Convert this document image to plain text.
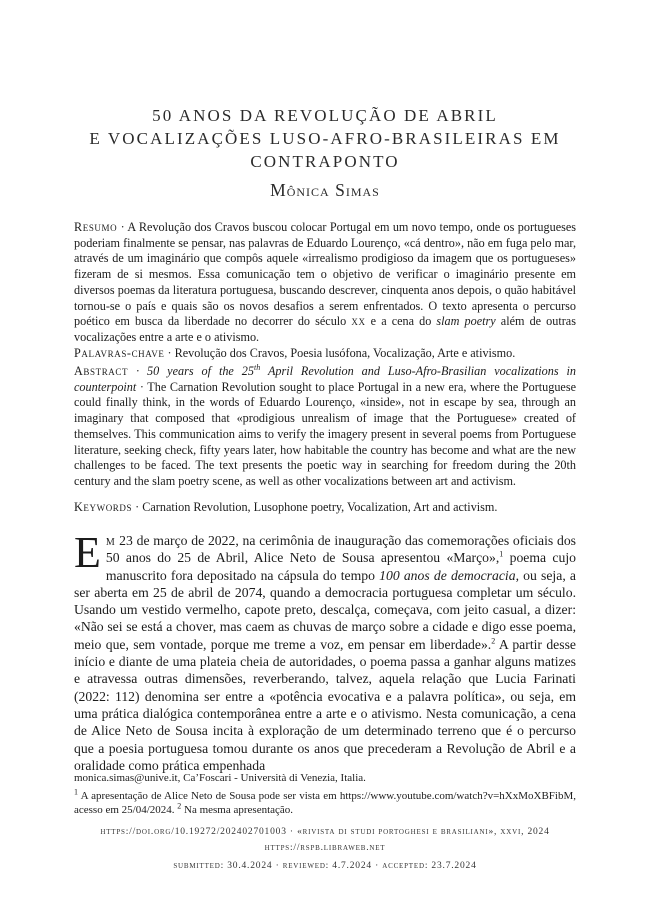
50 ANOS DA REVOLUÇÃO DE ABRIL
E VOCALIZAÇÕES LUSO-AFRO-BRASILEIRAS EM
CONTRAPONTO
Mônica Simas
Resumo · A Revolução dos Cravos buscou colocar Portugal em um novo tempo, onde os portugueses poderiam finalmente se pensar, nas palavras de Eduardo Lourenço, «cá dentro», não em fuga pelo mar, através de um imaginário que compôs aquele «irrealismo prodigioso da imagem que os portugueses» fizeram de si mesmos. Essa comunicação tem o objetivo de verificar o imaginário presente em diversos poemas da literatura portuguesa, buscando descrever, cinquenta anos depois, o quão habitável tornou-se o país e quais são os novos desafios a serem enfrentados. O texto apresenta o percurso poético em busca da liberdade no decorrer do século xx e a cena do slam poetry além de outras vocalizações entre a arte e o ativismo.
Palavras-chave · Revolução dos Cravos, Poesia lusófona, Vocalização, Arte e ativismo.
Abstract · 50 years of the 25th April Revolution and Luso-Afro-Brasilian vocalizations in counterpoint · The Carnation Revolution sought to place Portugal in a new era, where the Portuguese could finally think, in the words of Eduardo Lourenço, «inside», not in escape by sea, through an imaginary that composed that «prodigious unrealism of image that the Portuguese» created of themselves. This communication aims to verify the imagery present in several poems from Portuguese literature, seeking check, fifty years later, how habitable the country has become and what are the new challenges to be faced. The text presents the poetic way in searching for freedom during the 20th century and the slam poetry scene, as well as other vocalizations between art and activism.
Keywords · Carnation Revolution, Lusophone poetry, Vocalization, Art and activism.
Em 23 de março de 2022, na cerimônia de inauguração das comemorações oficiais dos 50 anos do 25 de Abril, Alice Neto de Sousa apresentou «Março»,$^1$ poema cujo manuscrito fora depositado na cápsula do tempo 100 anos de democracia, ou seja, a ser aberta em 25 de abril de 2074, quando a democracia portuguesa completar um século. Usando um vestido vermelho, capote preto, descalça, começava, com jeito casual, a dizer: «Não sei se está a chover, mas caem as chuvas de março sobre a cidade e digo esse poema, meio que, sem vontade, porque me treme a voz, em pensar em liberdade».$^2$ A partir desse início e diante de uma plateia cheia de autoridades, o poema passa a ganhar alguns matizes e atravessa outras dimensões, reverberando, talvez, aquela relação que Lucia Farinati (2022: 112) denomina ser entre a «potência evocativa e a palavra política», ou seja, em uma prática dialógica contemporânea entre a arte e o ativismo. Nesta comunicação, a cena de Alice Neto de Sousa incita à exploração de um determinado terreno que é o percurso que a poesia portuguesa tomou durante os anos que precederam a Revolução de Abril e a oralidade como prática empenhada
monica.simas@unive.it, Ca’Foscari - Università di Venezia, Italia.
$^1$ A apresentação de Alice Neto de Sousa pode ser vista em https://www.youtube.com/watch?v=hXxMoXBFibM, acesso em 25/04/2024. $^2$ Na mesma apresentação.
https://doi.org/10.19272/202402701003 · «rivista di studi portoghesi e brasiliani», xxvi, 2024
https://rspb.libraweb.net
submitted: 30.4.2024 · reviewed: 4.7.2024 · accepted: 23.7.2024
